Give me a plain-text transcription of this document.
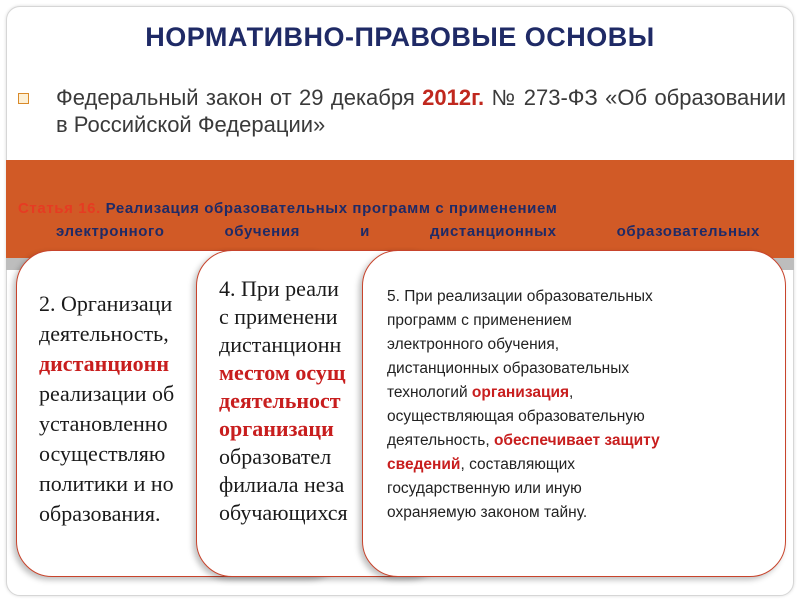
НОРМАТИВНО-ПРАВОВЫЕ ОСНОВЫ
Федеральный закон от 29 декабря 2012г. № 273-ФЗ «Об образовании в Российской Федерации»
Статья 16. Реализация образовательных программ с применением
электронного обучения и дистанционных образовательных
2. Организаци
деятельность,
дистанционн
реализации об
установленно
осуществляю
политики и но
образования.
4. При реали
с применени
дистанционн
местом осущ
деятельност
организаци
образовател
филиала неза
обучающихся
5. При реализации образовательных
программ с применением
электронного обучения,
дистанционных образовательных
технологий организация,
осуществляющая образовательную
деятельность, обеспечивает защиту
сведений, составляющих
государственную или иную
охраняемую законом тайну.
